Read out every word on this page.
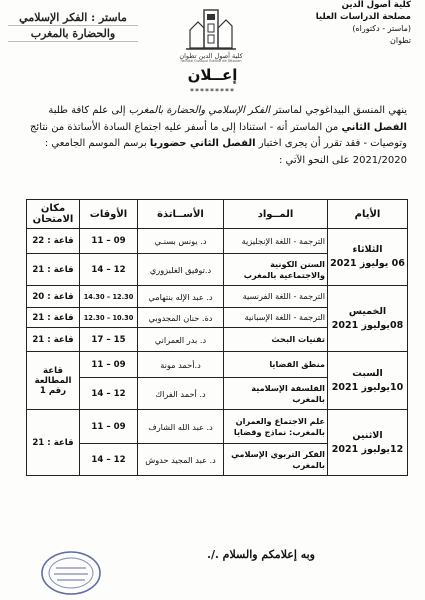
كلية أصول الدين
مصلحة الدراسات العليا
(ماستر - دكتوراه)
تطوان
ماستر : الفكر الإسلامي
والحضارة بالمغرب
كلية أصول الدين تطوان
Faculté Oussoul Eddine de Tétouan
إعــلان
*********

ينهي المنسق البيداغوجي لماستر الفكر الإسلامي والحضارة بالمغرب إلى علم كافة طلبة الفصل الثاني من الماستر أنه - استنادا إلى ما أسفر عليه اجتماع السادة الأساتذة من نتائج وتوصيات - فقد تقرر أن يجرى اختبار الفصل الثاني حضوريا برسم الموسم الجامعي : 2021/2020 على النحو الآتي :

الأيام	المــواد	الأســاتذة	الأوقات	مكان الامتحان

الثلاثاء
06 يوليوز 2021	الترجمة - اللغة الإنجليزية	د. يونس بسنـي	09 – 11	قاعة : 22
	السنن الكونية والاجتماعية بالمغرب	د.توفيق الغلبزوري	12 – 14	قاعة : 21

الخميس
08يوليوز 2021	الترجمة - اللغة الفرنسية	د. عبد الإله بنتهامي	12.30 – 14.30	قاعة : 20
	الترجمة - اللغة الإسبانية	دة. حنان المجدوبي	10.30 – 12.30	قاعة : 21
	تقنيات البحث	د. بدر العمراني	15 – 17	قاعة : 21

السبت
10يوليوز 2021	منطق القضايا	د.أحمد مونة	09 – 11	قاعة المطالعة رقم 1
	الفلسفة الإسلامية بالمغرب	د. أحمد الفراك	12 – 14	

الاثنين
12يوليوز 2021	علم الاجتماع والعمران بالمغرب: نماذج وقضايا	د. عبد الله الشارف	09 – 11	قاعة : 21
	الفكر التربوي الإسلامي بالمغرب	د. عبد المجيد حدوش	12 – 14	
وبه إعلامكم والسلام ./.
